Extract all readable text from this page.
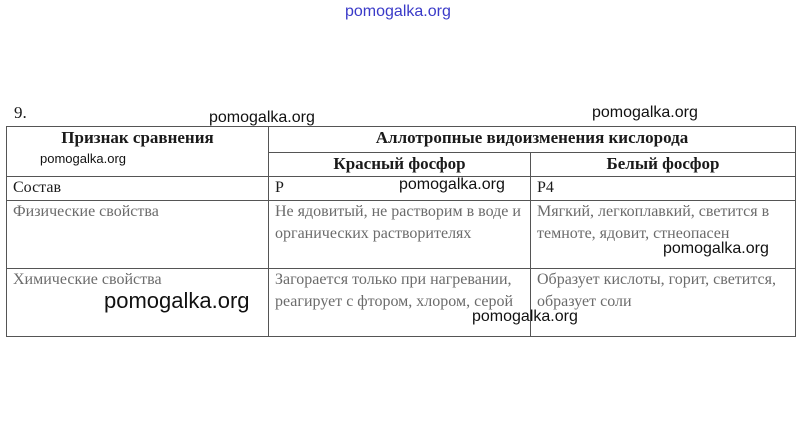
pomogalka.org
9.
Признак сравнения	Аллотропные видоизменения кислорода	
	Красный фосфор	Белый фосфор
Состав	P	P4
Физические свойства	Не ядовитый, не растворим в воде и органических растворителях	Мягкий, легкоплавкий, светится в темноте, ядовит, стнеопасен
Химические свойства	Загорается только при нагревании, реагирует с фтором, хлором, серой	Образует кислоты, горит, светится, образует соли
pomogalka.org	pomogalka.org
pomogalka.org
pomogalka.org
pomogalka.org
pomogalka.org
pomogalka.org
